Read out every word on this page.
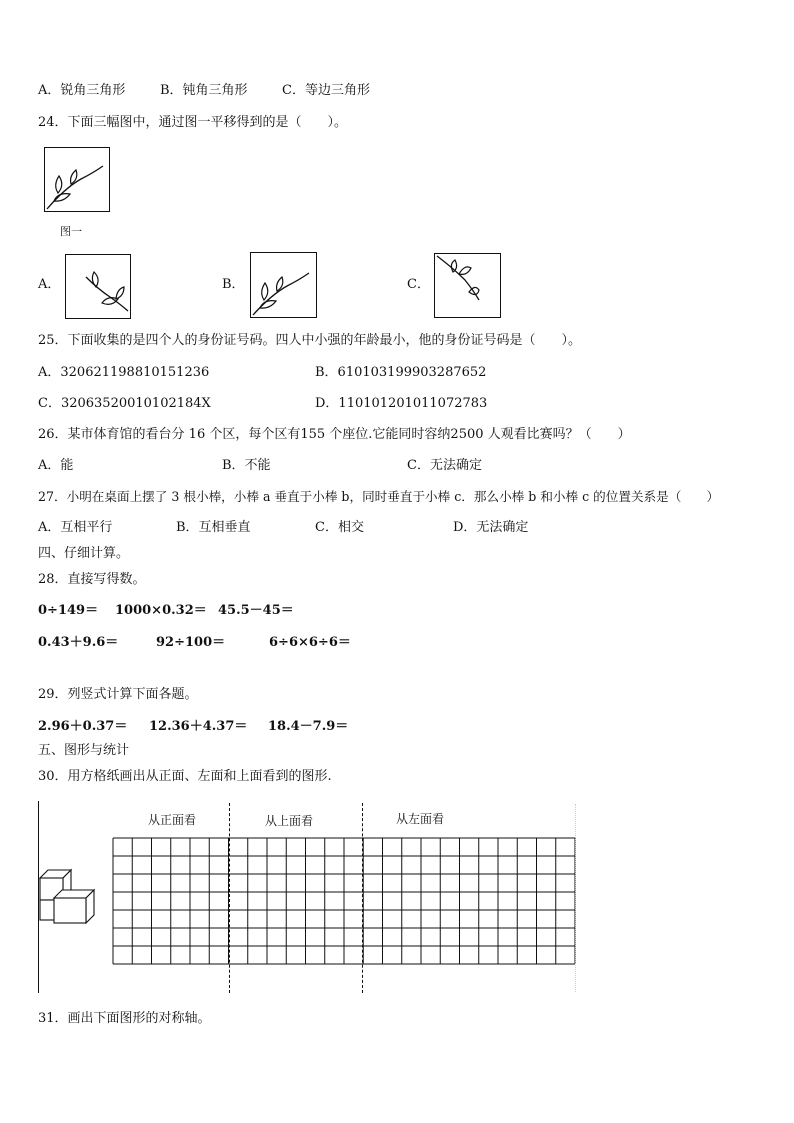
A．锐角三角形	B．钝角三角形	C．等边三角形
24．下面三幅图中，通过图一平移得到的是（　　）。
图一
A．	B．	C．
25．下面收集的是四个人的身份证号码。四人中小强的年龄最小，他的身份证号码是（　　）。
A．320621198810151236	B．610103199903287652
C．32063520010102184X	D．110101201011072783
26．某市体育馆的看台分 16 个区，每个区有155 个座位.它能同时容纳2500 人观看比赛吗？（　　）
A．能	B．不能	C．无法确定
27．小明在桌面上摆了 3 根小棒，小棒 a 垂直于小棒 b，同时垂直于小棒 c．那么小棒 b 和小棒 c 的位置关系是（　　）
A．互相平行	B．互相垂直	C．相交	D．无法确定
四、仔细计算。
28．直接写得数。
0÷149＝ 1000×0.32＝ 45.5－45＝
0.43＋9.6＝	92÷100＝	6÷6×6÷6＝
29．列竖式计算下面各题。
2.96＋0.37＝ 12.36＋4.37＝ 18.4－7.9＝
五、图形与统计
30．用方格纸画出从正面、左面和上面看到的图形.
从正面看	从上面看	从左面看
31．画出下面图形的对称轴。
